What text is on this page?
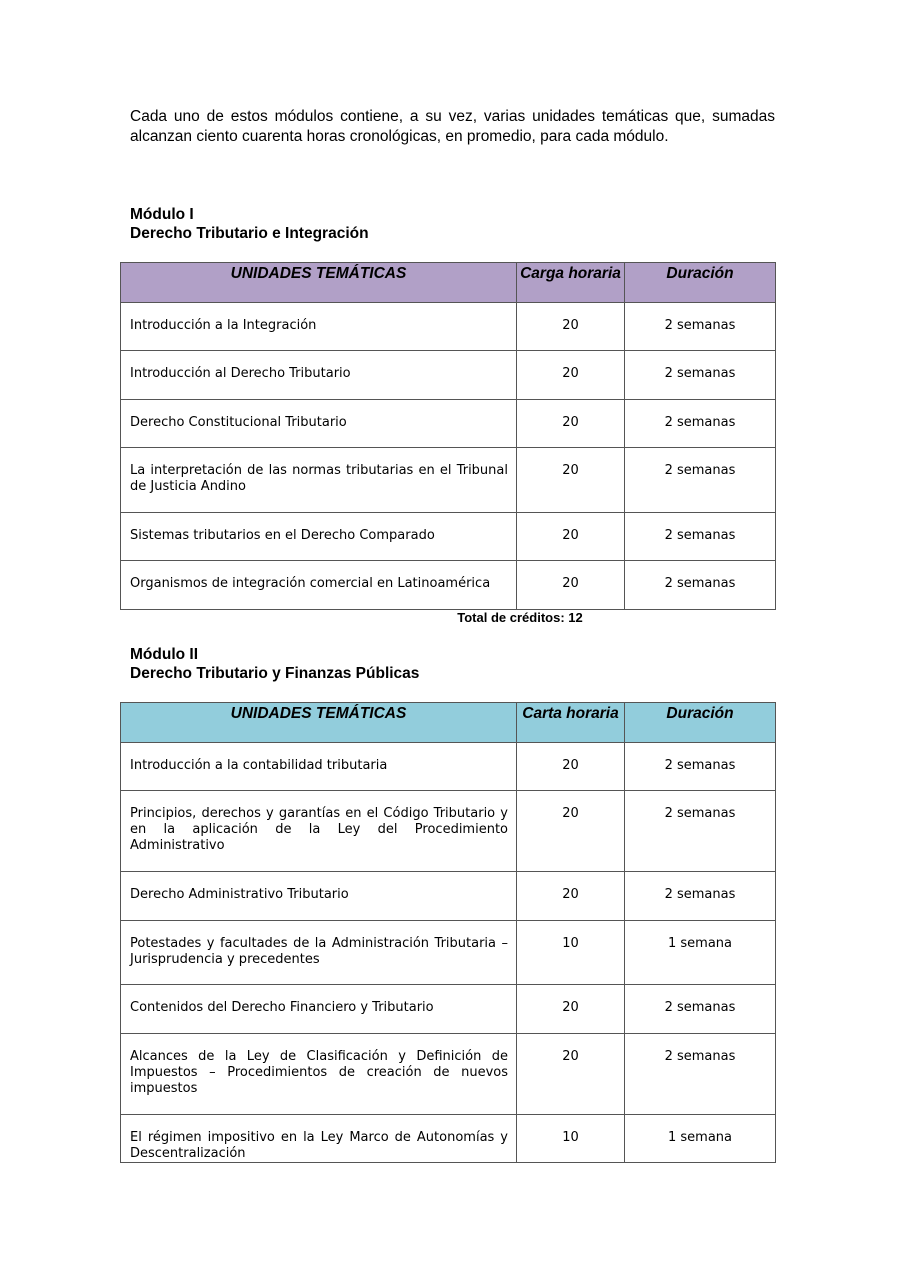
Cada uno de estos módulos contiene, a su vez, varias unidades temáticas que, sumadas alcanzan ciento cuarenta horas cronológicas, en promedio, para cada módulo.

Módulo I
Derecho Tributario e Integración
UNIDADES TEMÁTICAS	Carga horaria	Duración
Introducción a la Integración	20	2 semanas
Introducción al Derecho Tributario	20	2 semanas
Derecho Constitucional Tributario	20	2 semanas
La interpretación de las normas tributarias en el Tribunal de Justicia Andino	20	2 semanas
Sistemas tributarios en el Derecho Comparado	20	2 semanas
Organismos de integración comercial en Latinoamérica	20	2 semanas

Total de créditos: 12

Módulo II
Derecho Tributario y Finanzas Públicas
UNIDADES TEMÁTICAS	Carta horaria	Duración
Introducción a la contabilidad tributaria	20	2 semanas
Principios, derechos y garantías en el Código Tributario y en la aplicación de la Ley del Procedimiento Administrativo	20	2 semanas
Derecho Administrativo Tributario	20	2 semanas
Potestades y facultades de la Administración Tributaria – Jurisprudencia y precedentes	10	1 semana
Contenidos del Derecho Financiero y Tributario	20	2 semanas
Alcances de la Ley de Clasificación y Definición de Impuestos – Procedimientos de creación de nuevos impuestos	20	2 semanas
El régimen impositivo en la Ley Marco de Autonomías y Descentralización	10	1 semana
